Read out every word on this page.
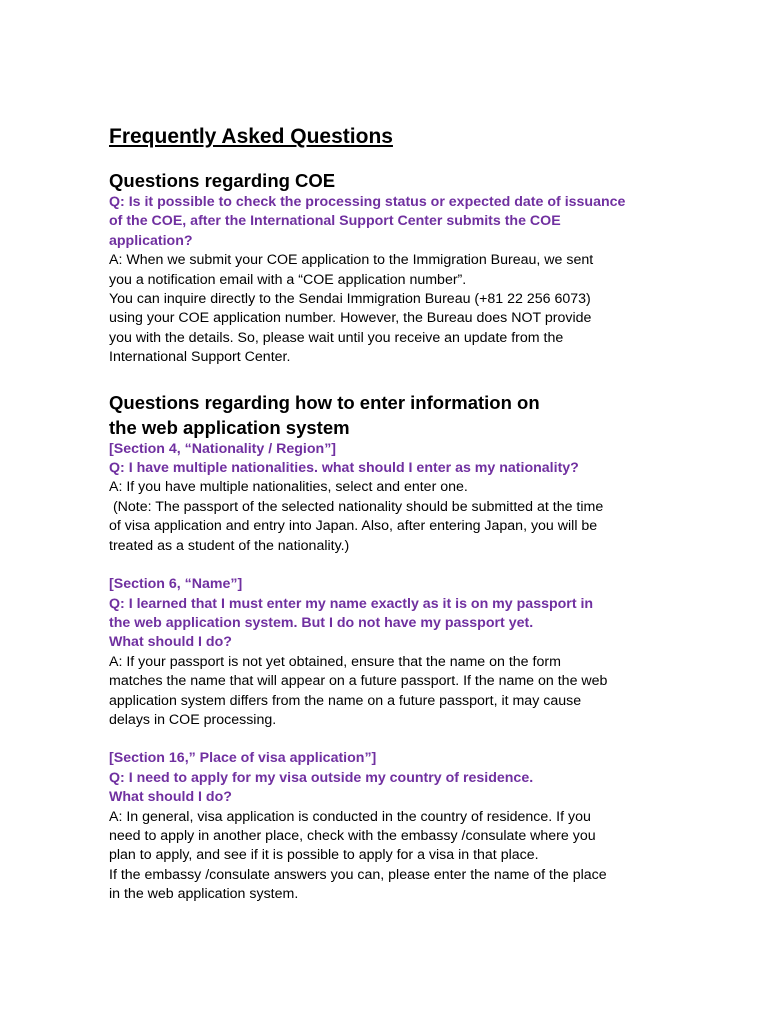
Frequently Asked Questions
Questions regarding COE
Q: Is it possible to check the processing status or expected date of issuance
of the COE, after the International Support Center submits the COE
application?
A: When we submit your COE application to the Immigration Bureau, we sent
you a notification email with a “COE application number”.
You can inquire directly to the Sendai Immigration Bureau (+81 22 256 6073)
using your COE application number. However, the Bureau does NOT provide
you with the details. So, please wait until you receive an update from the
International Support Center.
Questions regarding how to enter information on
the web application system
[Section 4, “Nationality / Region”]
Q: I have multiple nationalities. what should I enter as my nationality?
A: If you have multiple nationalities, select and enter one.
(Note: The passport of the selected nationality should be submitted at the time
of visa application and entry into Japan. Also, after entering Japan, you will be
treated as a student of the nationality.)
[Section 6, “Name”]
Q: I learned that I must enter my name exactly as it is on my passport in
the web application system. But I do not have my passport yet.
What should I do?
A: If your passport is not yet obtained, ensure that the name on the form
matches the name that will appear on a future passport. If the name on the web
application system differs from the name on a future passport, it may cause
delays in COE processing.
[Section 16,” Place of visa application”]
Q: I need to apply for my visa outside my country of residence.
What should I do?
A: In general, visa application is conducted in the country of residence. If you
need to apply in another place, check with the embassy /consulate where you
plan to apply, and see if it is possible to apply for a visa in that place.
If the embassy /consulate answers you can, please enter the name of the place
in the web application system.
